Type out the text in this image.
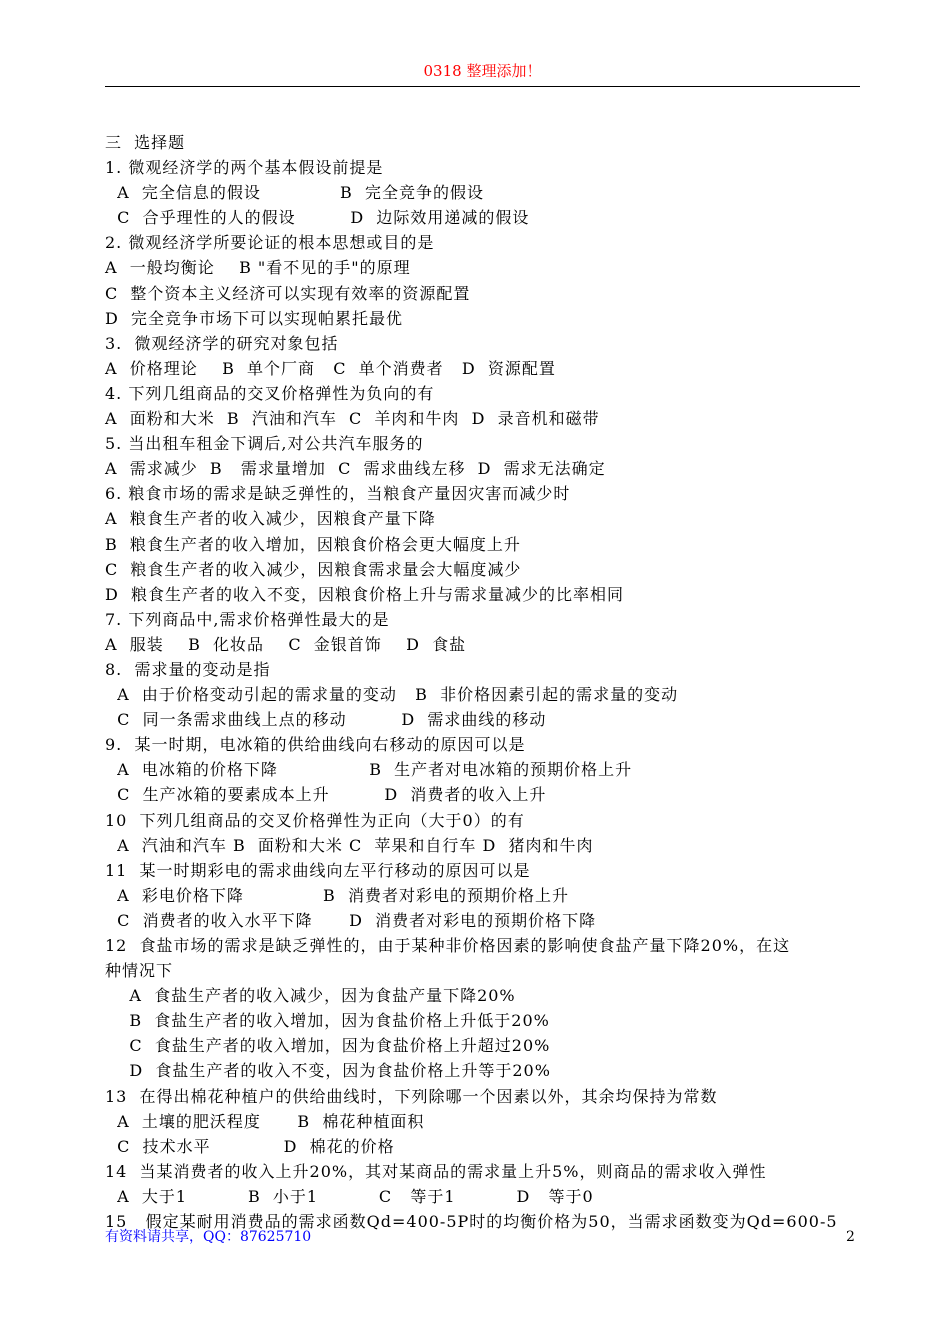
0318 整理添加！
三  选择题
1. 微观经济学的两个基本假设前提是
A  完全信息的假设             B  完全竞争的假设
C  合乎理性的人的假设         D  边际效用递减的假设
2. 微观经济学所要论证的根本思想或目的是
A  一般均衡论    B "看不见的手"的原理
C  整个资本主义经济可以实现有效率的资源配置
D  完全竞争市场下可以实现帕累托最优
3.  微观经济学的研究对象包括
A  价格理论    B  单个厂商   C  单个消费者   D  资源配置
4. 下列几组商品的交叉价格弹性为负向的有
A  面粉和大米  B  汽油和汽车  C  羊肉和牛肉  D  录音机和磁带
5. 当出租车租金下调后,对公共汽车服务的
A  需求减少  B   需求量增加  C  需求曲线左移  D  需求无法确定
6. 粮食市场的需求是缺乏弹性的，当粮食产量因灾害而减少时
A  粮食生产者的收入减少，因粮食产量下降
B  粮食生产者的收入增加，因粮食价格会更大幅度上升
C  粮食生产者的收入减少，因粮食需求量会大幅度减少
D  粮食生产者的收入不变，因粮食价格上升与需求量减少的比率相同
7. 下列商品中,需求价格弹性最大的是
A  服装    B  化妆品    C  金银首饰    D  食盐
8.  需求量的变动是指
A  由于价格变动引起的需求量的变动   B  非价格因素引起的需求量的变动
C  同一条需求曲线上点的移动         D  需求曲线的移动
9.  某一时期，电冰箱的供给曲线向右移动的原因可以是
A  电冰箱的价格下降               B  生产者对电冰箱的预期价格上升
C  生产冰箱的要素成本上升         D  消费者的收入上升
10  下列几组商品的交叉价格弹性为正向（大于0）的有
A  汽油和汽车 B  面粉和大米 C  苹果和自行车 D  猪肉和牛肉
11  某一时期彩电的需求曲线向左平行移动的原因可以是
A  彩电价格下降             B  消费者对彩电的预期价格上升
C  消费者的收入水平下降      D  消费者对彩电的预期价格下降
12  食盐市场的需求是缺乏弹性的，由于某种非价格因素的影响使食盐产量下降20%，在这
种情况下
A  食盐生产者的收入减少，因为食盐产量下降20%
B  食盐生产者的收入增加，因为食盐价格上升低于20%
C  食盐生产者的收入增加，因为食盐价格上升超过20%
D  食盐生产者的收入不变，因为食盐价格上升等于20%
13  在得出棉花种植户的供给曲线时，下列除哪一个因素以外，其余均保持为常数
A  土壤的肥沃程度      B  棉花种植面积
C  技术水平            D  棉花的价格
14  当某消费者的收入上升20%，其对某商品的需求量上升5%，则商品的需求收入弹性
A  大于1          B  小于1          C   等于1          D   等于0
15   假定某耐用消费品的需求函数Qd=400-5P时的均衡价格为50，当需求函数变为Qd=600-5
有资料请共享，QQ：87625710	2
